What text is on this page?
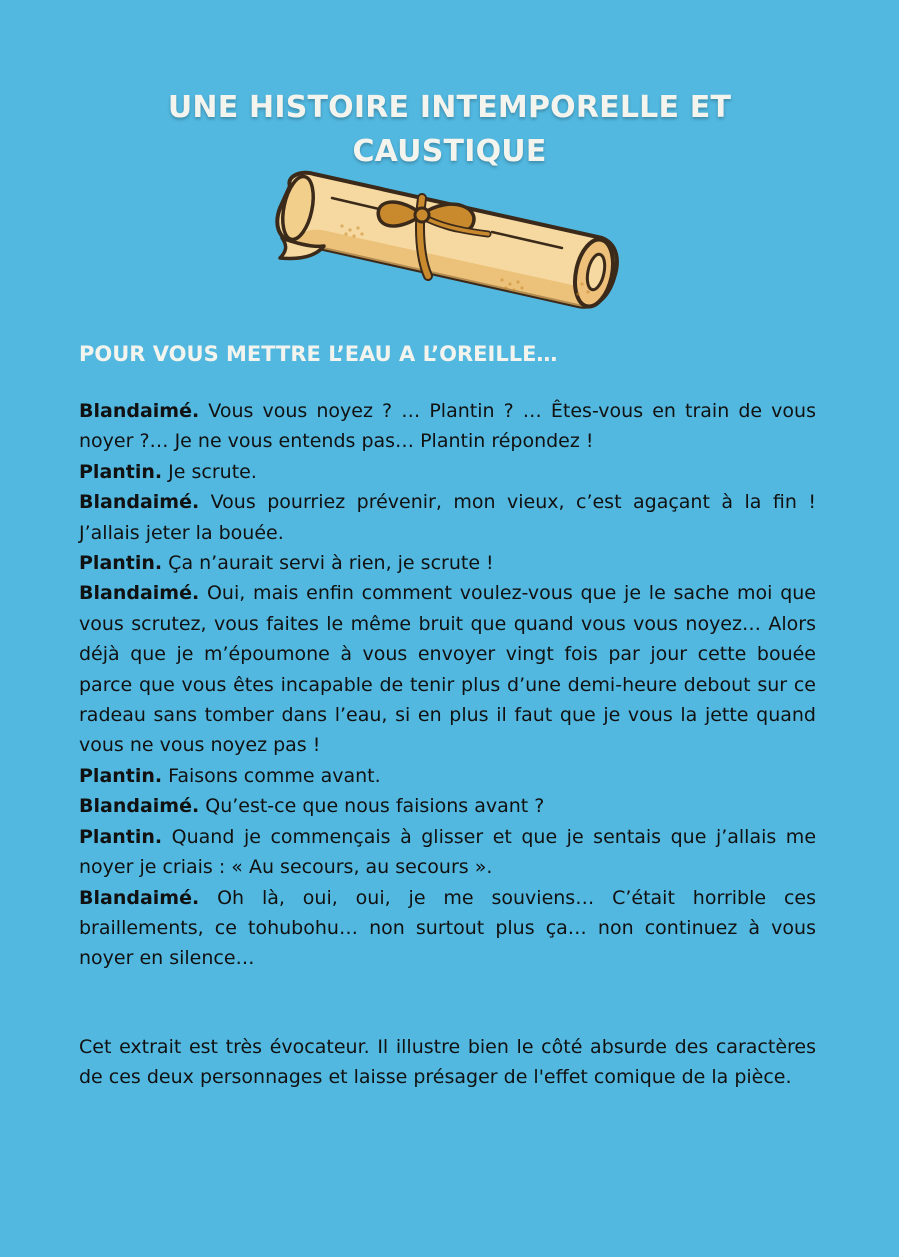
UNE HISTOIRE INTEMPORELLE ET
CAUSTIQUE
POUR VOUS METTRE L’EAU A L’OREILLE…

Blandaimé. Vous vous noyez ? … Plantin ? … Êtes-vous en train de vous noyer ?… Je ne vous entends pas… Plantin répondez !

Plantin. Je scrute.

Blandaimé. Vous pourriez prévenir, mon vieux, c’est agaçant à la fin ! J’allais jeter la bouée.

Plantin. Ça n’aurait servi à rien, je scrute !

Blandaimé. Oui, mais enfin comment voulez-vous que je le sache moi que vous scrutez, vous faites le même bruit que quand vous vous noyez… Alors déjà que je m’époumone à vous envoyer vingt fois par jour cette bouée parce que vous êtes incapable de tenir plus d’une demi-heure debout sur ce radeau sans tomber dans l’eau, si en plus il faut que je vous la jette quand vous ne vous noyez pas !

Plantin. Faisons comme avant.

Blandaimé. Qu’est-ce que nous faisions avant ?

Plantin. Quand je commençais à glisser et que je sentais que j’allais me noyer je criais : « Au secours, au secours ».

Blandaimé. Oh là, oui, oui, je me souviens… C’était horrible ces braillements, ce tohubohu… non surtout plus ça… non continuez à vous noyer en silence…

Cet extrait est très évocateur. Il illustre bien le côté absurde des caractères de ces deux personnages et laisse présager de l'effet comique de la pièce.
